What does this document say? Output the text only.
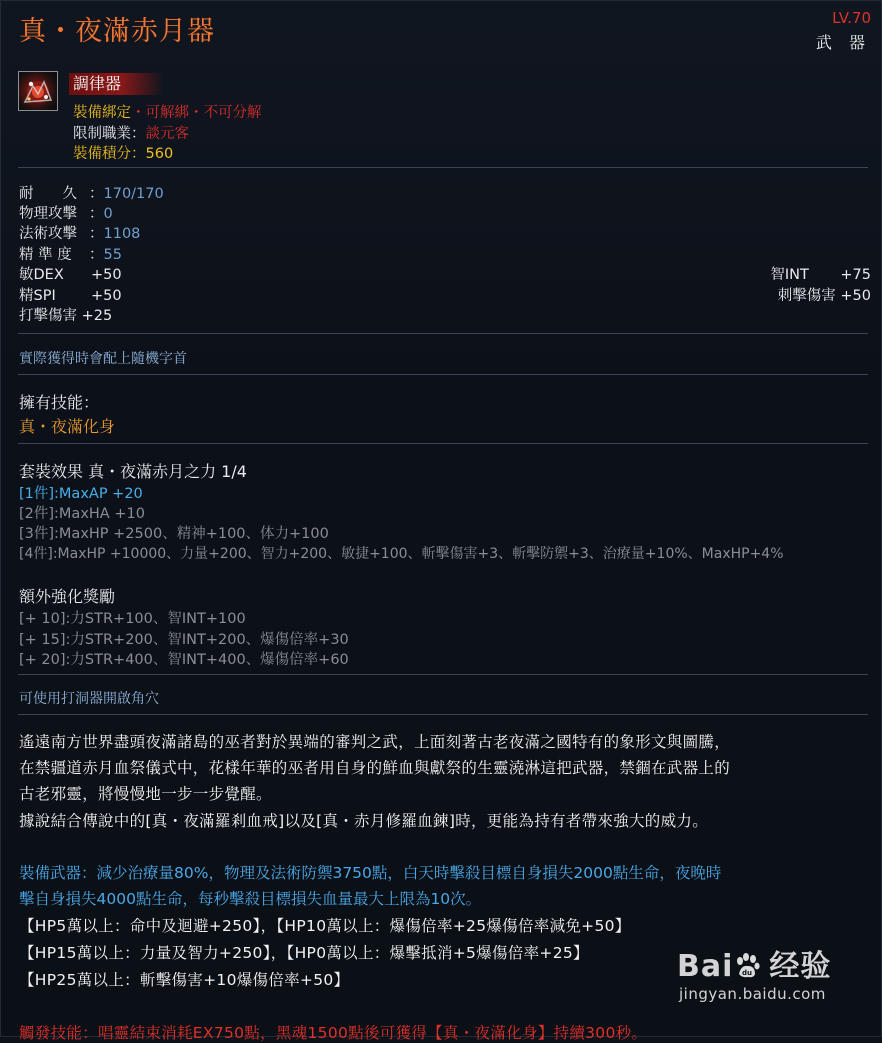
真・夜滿赤月器	LV.70
武 器
調律器
裝備綁定・可解綁・不可分解
限制職業：談元客
裝備積分：560
耐　　久 ：170/170
物理攻擊 ：0
法術攻擊 ：1108
精 準 度 ：55
敏DEX +50
精SPI +50
打擊傷害 +25
智INT +75
刺擊傷害 +50
實際獲得時會配上隨機字首
擁有技能：
真・夜滿化身
套裝效果 真・夜滿赤月之力 1/4
[1件]:MaxAP +20
[2件]:MaxHA +10
[3件]:MaxHP +2500、精神+100、体力+100
[4件]:MaxHP +10000、力量+200、智力+200、敏捷+100、斬擊傷害+3、斬擊防禦+3、治療量+10%、MaxHP+4%
額外強化獎勵
[+ 10]:力STR+100、智INT+100
[+ 15]:力STR+200、智INT+200、爆傷倍率+30
[+ 20]:力STR+400、智INT+400、爆傷倍率+60
可使用打洞器開啟角穴
遙遠南方世界盡頭夜滿諸島的巫者對於異端的審判之武，上面刻著古老夜滿之國特有的象形文與圖騰，
在禁疆道赤月血祭儀式中，花樣年華的巫者用自身的鮮血與獻祭的生靈澆淋這把武器，禁錮在武器上的
古老邪靈，將慢慢地一步一步覺醒。
據說結合傳說中的[真・夜滿羅剎血戒]以及[真・赤月修羅血鍊]時，更能為持有者帶來強大的威力。
裝備武器：減少治療量80%，物理及法術防禦3750點，白天時擊殺目標自身損失2000點生命，夜晚時
擊自身損失4000點生命，每秒擊殺目標損失血量最大上限為10次。
【HP5萬以上：命中及迴避+250】，【HP10萬以上：爆傷倍率+25爆傷倍率減免+50】
【HP15萬以上：力量及智力+250】，【HP0萬以上：爆擊抵消+5爆傷倍率+25】
【HP25萬以上：斬擊傷害+10爆傷倍率+50】
觸發技能：唱靈結束消耗EX750點，黑魂1500點後可獲得【真・夜滿化身】持續300秒。
Bai du 经验
jingyan.baidu.com
